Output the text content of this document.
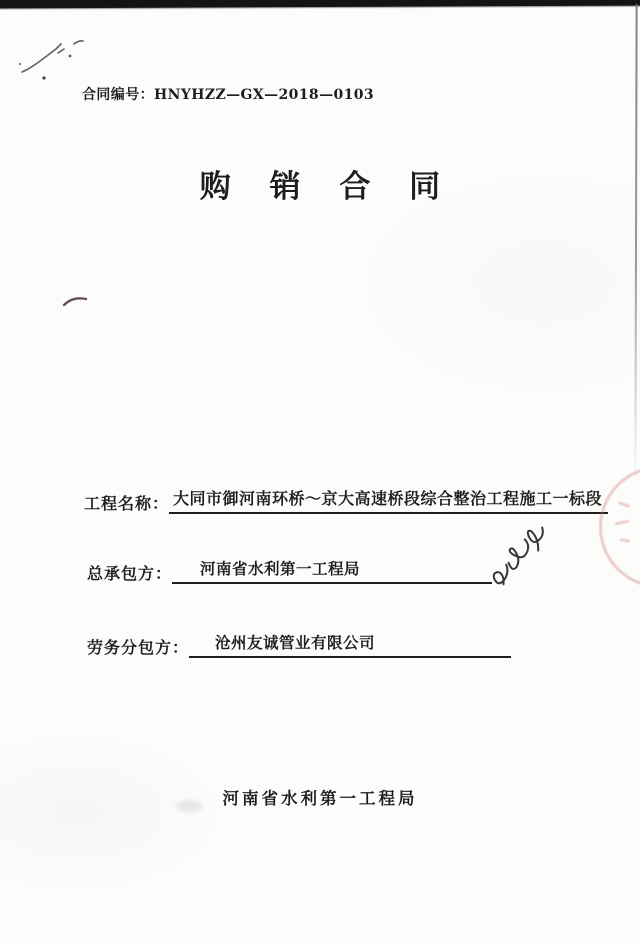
合同编号：HNYHZZ—GX—2018—0103
购 销 合 同
工程名称： 大同市御河南环桥～京大高速桥段综合整治工程施工一标段
总承包方： 河南省水利第一工程局
劳务分包方： 沧州友诚管业有限公司
河南省水利第一工程局
